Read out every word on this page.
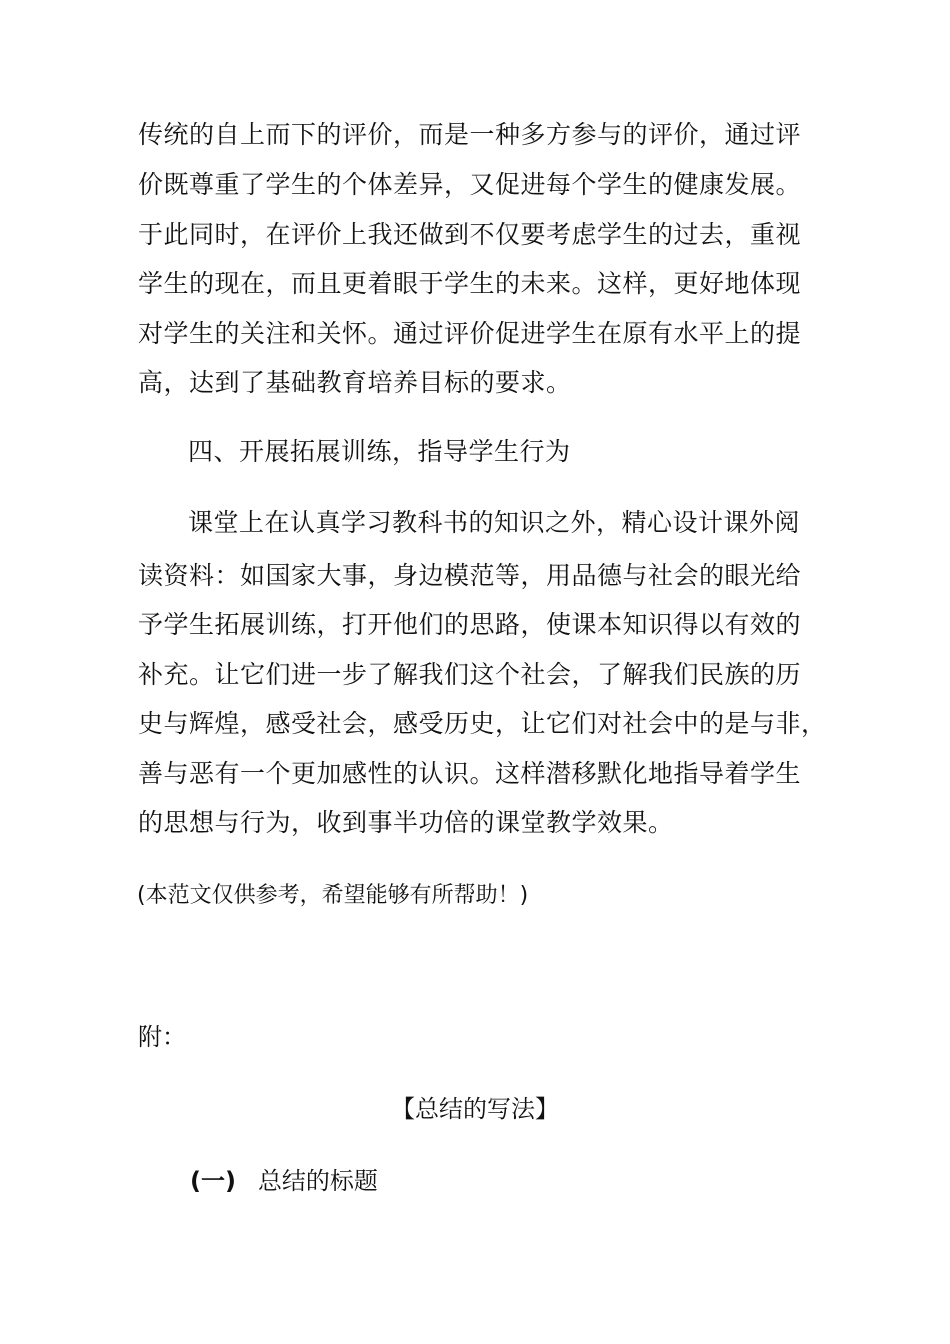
传统的自上而下的评价，而是一种多方参与的评价，通过评
价既尊重了学生的个体差异，又促进每个学生的健康发展。
于此同时，在评价上我还做到不仅要考虑学生的过去，重视
学生的现在，而且更着眼于学生的未来。这样，更好地体现
对学生的关注和关怀。通过评价促进学生在原有水平上的提
高，达到了基础教育培养目标的要求。
四、开展拓展训练，指导学生行为
课堂上在认真学习教科书的知识之外，精心设计课外阅
读资料：如国家大事，身边模范等，用品德与社会的眼光给
予学生拓展训练，打开他们的思路，使课本知识得以有效的
补充。让它们进一步了解我们这个社会，了解我们民族的历
史与辉煌，感受社会，感受历史，让它们对社会中的是与非，
善与恶有一个更加感性的认识。这样潜移默化地指导着学生
的思想与行为，收到事半功倍的课堂教学效果。
(本范文仅供参考，希望能够有所帮助！)
附：
【总结的写法】
(一) 总结的标题
